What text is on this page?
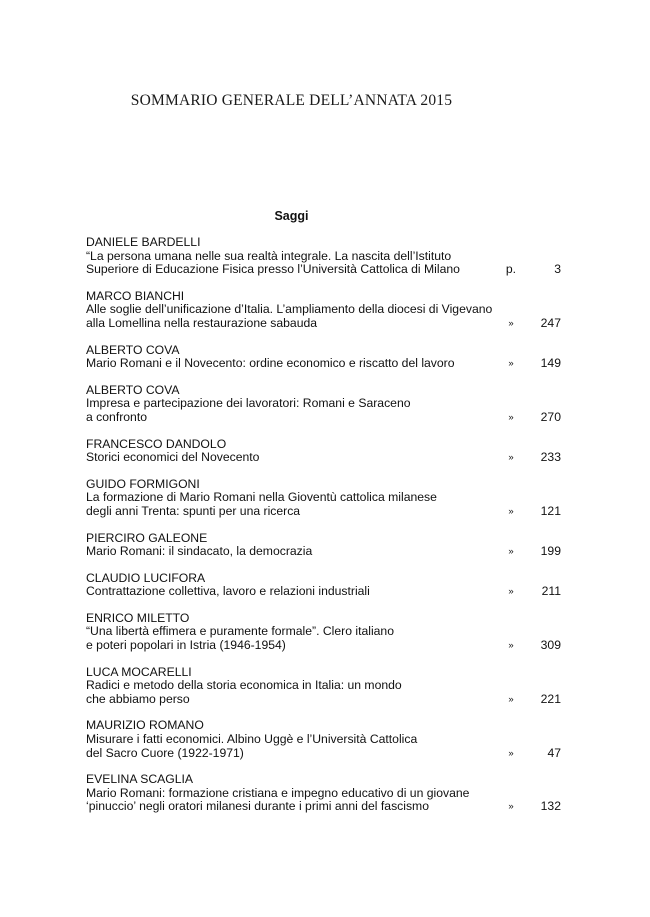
SOMMARIO GENERALE DELL’ANNATA 2015
Saggi
DANIELE BARDELLI
“La persona umana nelle sua realtà integrale. La nascita dell’Istituto
Superiore di Educazione Fisica presso l’Università Cattolica di Milano	p.	3
MARCO BIANCHI
Alle soglie dell’unificazione d’Italia. L’ampliamento della diocesi di Vigevano
alla Lomellina nella restaurazione sabauda	»	247
ALBERTO COVA
Mario Romani e il Novecento: ordine economico e riscatto del lavoro	»	149
ALBERTO COVA
Impresa e partecipazione dei lavoratori: Romani e Saraceno
a confronto	»	270
FRANCESCO DANDOLO
Storici economici del Novecento	»	233
GUIDO FORMIGONI
La formazione di Mario Romani nella Gioventù cattolica milanese
degli anni Trenta: spunti per una ricerca	»	121
PIERCIRO GALEONE
Mario Romani: il sindacato, la democrazia	»	199
CLAUDIO LUCIFORA
Contrattazione collettiva, lavoro e relazioni industriali	»	211
ENRICO MILETTO
“Una libertà effimera e puramente formale”. Clero italiano
e poteri popolari in Istria (1946-1954)	»	309
LUCA MOCARELLI
Radici e metodo della storia economica in Italia: un mondo
che abbiamo perso	»	221
MAURIZIO ROMANO
Misurare i fatti economici. Albino Uggè e l’Università Cattolica
del Sacro Cuore (1922-1971)	»	47
EVELINA SCAGLIA
Mario Romani: formazione cristiana e impegno educativo di un giovane
‘pinuccio’ negli oratori milanesi durante i primi anni del fascismo	»	132
